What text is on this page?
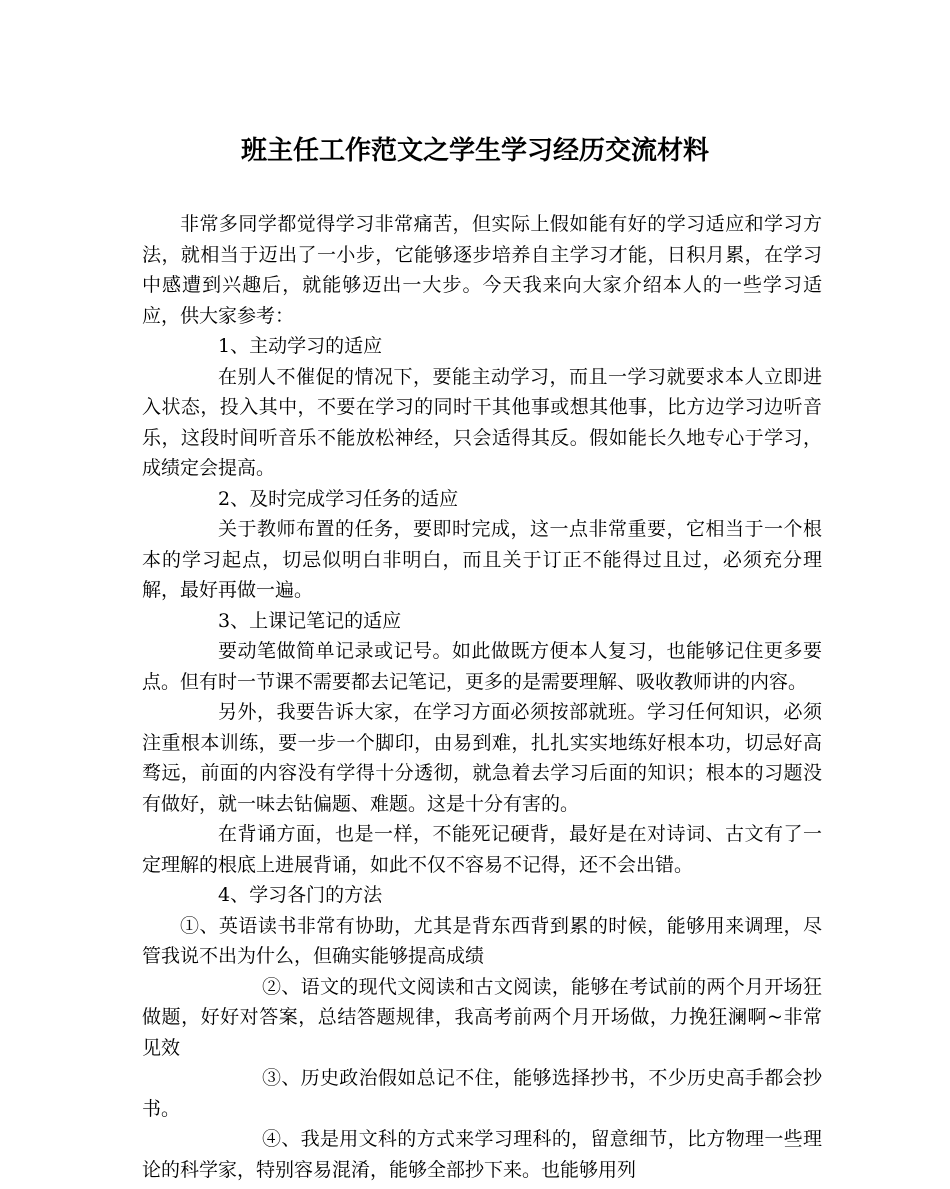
班主任工作范文之学生学习经历交流材料

非常多同学都觉得学习非常痛苦，但实际上假如能有好的学习适应和学习方法，就相当于迈出了一小步，它能够逐步培养自主学习才能，日积月累，在学习中感遭到兴趣后，就能够迈出一大步。今天我来向大家介绍本人的一些学习适应，供大家参考：

1、主动学习的适应

在别人不催促的情况下，要能主动学习，而且一学习就要求本人立即进入状态，投入其中，不要在学习的同时干其他事或想其他事，比方边学习边听音乐，这段时间听音乐不能放松神经，只会适得其反。假如能长久地专心于学习，成绩定会提高。

2、及时完成学习任务的适应

关于教师布置的任务，要即时完成，这一点非常重要，它相当于一个根本的学习起点，切忌似明白非明白，而且关于订正不能得过且过，必须充分理解，最好再做一遍。

3、上课记笔记的适应

要动笔做简单记录或记号。如此做既方便本人复习，也能够记住更多要点。但有时一节课不需要都去记笔记，更多的是需要理解、吸收教师讲的内容。

另外，我要告诉大家，在学习方面必须按部就班。学习任何知识，必须注重根本训练，要一步一个脚印，由易到难，扎扎实实地练好根本功，切忌好高骛远，前面的内容没有学得十分透彻，就急着去学习后面的知识；根本的习题没有做好，就一味去钻偏题、难题。这是十分有害的。

在背诵方面，也是一样，不能死记硬背，最好是在对诗词、古文有了一定理解的根底上进展背诵，如此不仅不容易不记得，还不会出错。

4、学习各门的方法

①、英语读书非常有协助，尤其是背东西背到累的时候，能够用来调理，尽管我说不出为什么，但确实能够提高成绩

②、语文的现代文阅读和古文阅读，能够在考试前的两个月开场狂做题，好好对答案，总结答题规律，我高考前两个月开场做，力挽狂澜啊~非常见效

③、历史政治假如总记不住，能够选择抄书，不少历史高手都会抄书。

④、我是用文科的方式来学习理科的，留意细节，比方物理一些理论的科学家，特别容易混淆，能够全部抄下来。也能够用列
